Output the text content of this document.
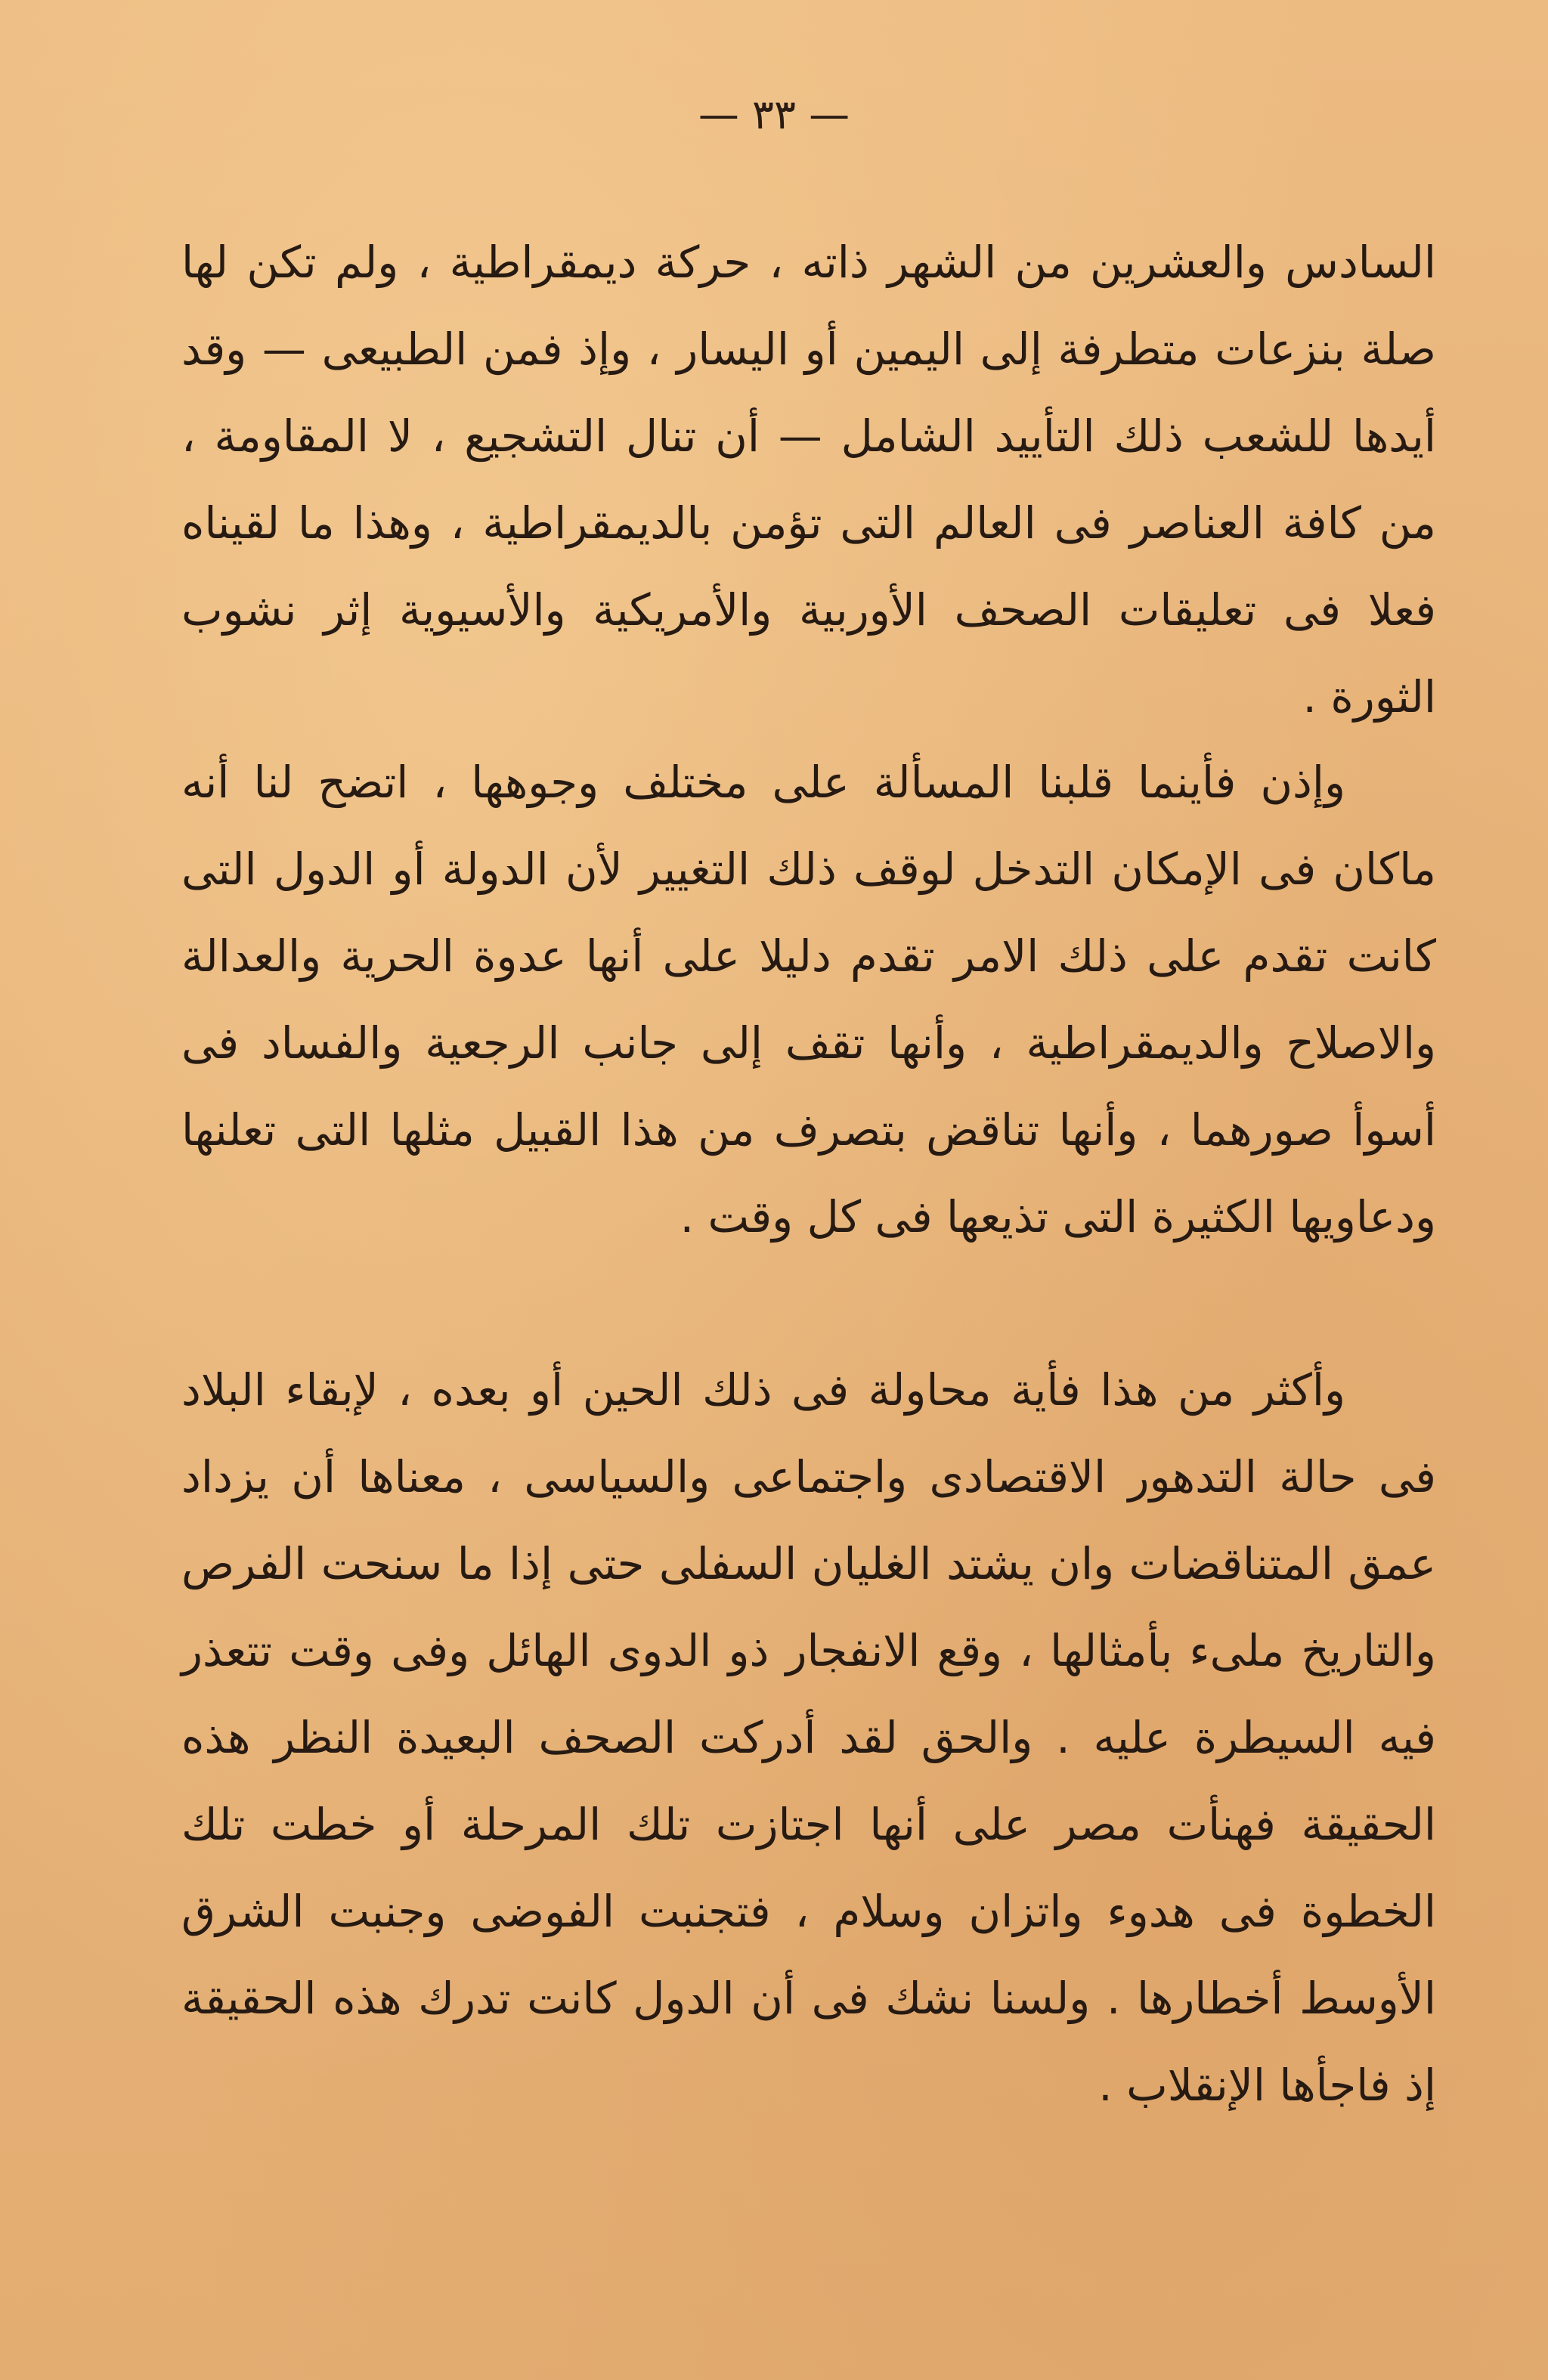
— ٣٣ —

السادس والعشرين من الشهر ذاته ، حركة ديمقراطية ، ولم تكن لها صلة بنزعات متطرفة إلى اليمين أو اليسار ، وإذ فمن الطبيعى — وقد أيدها للشعب ذلك التأييد الشامل — أن تنال التشجيع ، لا المقاومة ، من كافة العناصر فى العالم التى تؤمن بالديمقراطية ، وهذا ما لقيناه فعلا فى تعليقات الصحف الأوربية والأمريكية والأسيوية إثر نشوب الثورة .

وإذن فأينما قلبنا المسألة على مختلف وجوهها ، اتضح لنا أنه ماكان فى الإمكان التدخل لوقف ذلك التغيير لأن الدولة أو الدول التى كانت تقدم على ذلك الامر تقدم دليلا على أنها عدوة الحرية والعدالة والاصلاح والديمقراطية ، وأنها تقف إلى جانب الرجعية والفساد فى أسوأ صورهما ، وأنها تناقض بتصرف من هذا القبيل مثلها التى تعلنها ودعاويها الكثيرة التى تذيعها فى كل وقت .

وأكثر من هذا فأية محاولة فى ذلك الحين أو بعده ، لإبقاء البلاد فى حالة التدهور الاقتصادى واجتماعى والسياسى ، معناها أن يزداد عمق المتناقضات وان يشتد الغليان السفلى حتى إذا ما سنحت الفرص والتاريخ ملىء بأمثالها ، وقع الانفجار ذو الدوى الهائل وفى وقت تتعذر فيه السيطرة عليه . والحق لقد أدركت الصحف البعيدة النظر هذه الحقيقة فهنأت مصر على أنها اجتازت تلك المرحلة أو خطت تلك الخطوة فى هدوء واتزان وسلام ، فتجنبت الفوضى وجنبت الشرق الأوسط أخطارها . ولسنا نشك فى أن الدول كانت تدرك هذه الحقيقة إذ فاجأها الإنقلاب .
